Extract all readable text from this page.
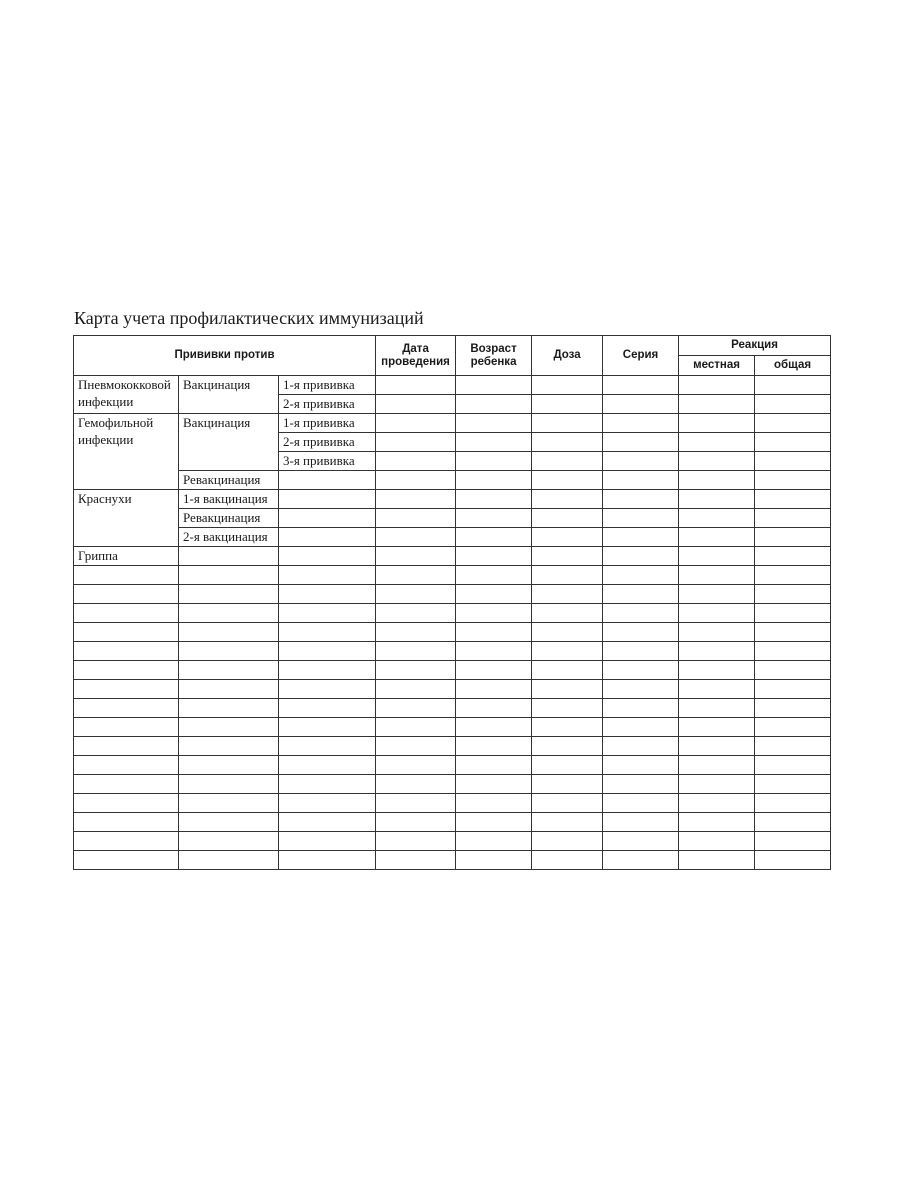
Карта учета профилактических иммунизаций
Прививки против			Дата проведения	Возраст ребенка	Доза	Серия	Реакция	
							местная	общая
Пневмококковой инфекции	Вакцинация	1-я прививка						
		2-я прививка						
Гемофильной инфекции	Вакцинация	1-я прививка						
		2-я прививка						
		3-я прививка						
	Ревакцинация							
Краснухи	1-я вакцинация							
	Ревакцинация							
	2-я вакцинация							
Гриппа								
